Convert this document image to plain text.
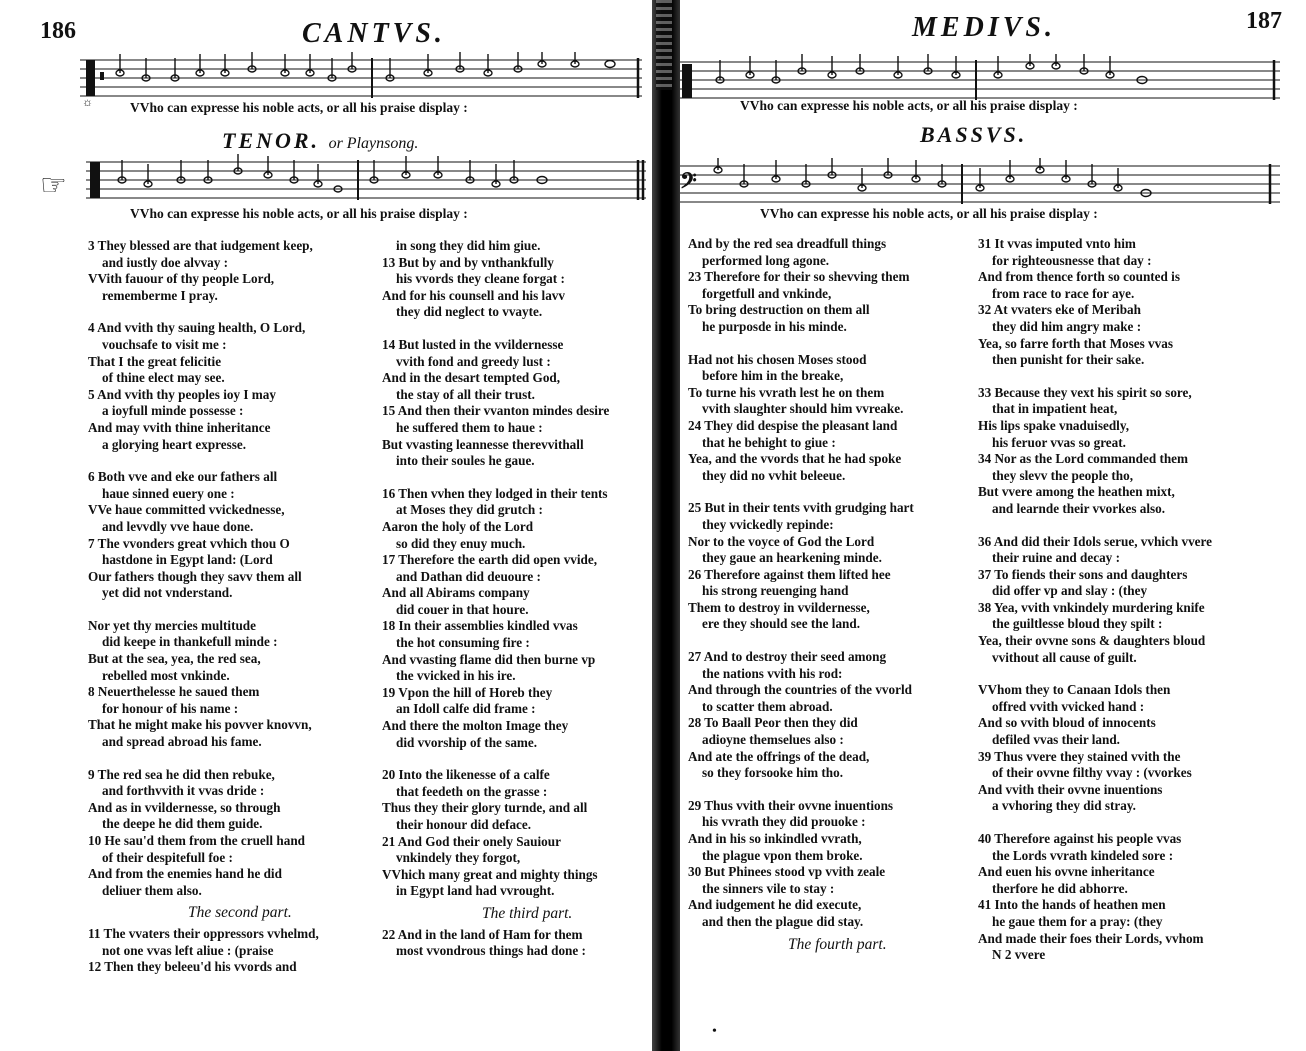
186	CANTVS.
☼	VVho can expresse his noble acts, or all his praise display :
TENOR. or Playnsong.
☞
VVho can expresse his noble acts, or all his praise display :

3 They blessed are that iudgement keep,

and iustly doe alvvay :

VVith fauour of thy people Lord,

rememberme I pray.

4 And vvith thy sauing health, O Lord,

vouchsafe to visit me :

That I the great felicitie

of thine elect may see.

5 And vvith thy peoples ioy I may

a ioyfull minde possesse :

And may vvith thine inheritance

a glorying heart expresse.

6 Both vve and eke our fathers all

haue sinned euery one :

VVe haue committed vvickednesse,

and levvdly vve haue done.

7 The vvonders great vvhich thou O

hastdone in Egypt land: (Lord

Our fathers though they savv them all

yet did not vnderstand.

Nor yet thy mercies multitude

did keepe in thankefull minde :

But at the sea, yea, the red sea,

rebelled most vnkinde.

8 Neuerthelesse he saued them

for honour of his name :

That he might make his povver knovvn,

and spread abroad his fame.

9 The red sea he did then rebuke,

and forthvvith it vvas dride :

And as in vvildernesse, so through

the deepe he did them guide.

10 He sau'd them from the cruell hand

of their despitefull foe :

And from the enemies hand he did

deliuer them also.

The second part.

11 The vvaters their oppressors vvhelmd,

not one vvas left aliue : (praise

12 Then they beleeu'd his vvords and

in song they did him giue.

13 But by and by vnthankfully

his vvords they cleane forgat :

And for his counsell and his lavv

they did neglect to vvayte.

14 But lusted in the vvildernesse

vvith fond and greedy lust :

And in the desart tempted God,

the stay of all their trust.

15 And then their vvanton mindes desire

he suffered them to haue :

But vvasting leannesse therevvithall

into their soules he gaue.

16 Then vvhen they lodged in their tents

at Moses they did grutch :

Aaron the holy of the Lord

so did they enuy much.

17 Therefore the earth did open vvide,

and Dathan did deuoure :

And all Abirams company

did couer in that houre.

18 In their assemblies kindled vvas

the hot consuming fire :

And vvasting flame did then burne vp

the vvicked in his ire.

19 Vpon the hill of Horeb they

an Idoll calfe did frame :

And there the molton Image they

did vvorship of the same.

20 Into the likenesse of a calfe

that feedeth on the grasse :

Thus they their glory turnde, and all

their honour did deface.

21 And God their onely Sauiour

vnkindely they forgot,

VVhich many great and mighty things

in Egypt land had vvrought.

The third part.

22 And in the land of Ham for them

most vvondrous things had done :

MEDIVS.	187
VVho can expresse his noble acts, or all his praise display :
BASSVS.
𝄢
VVho can expresse his noble acts, or all his praise display :

And by the red sea dreadfull things

performed long agone.

23 Therefore for their so shevving them

forgetfull and vnkinde,

To bring destruction on them all

he purposde in his minde.

Had not his chosen Moses stood

before him in the breake,

To turne his vvrath lest he on them

vvith slaughter should him vvreake.

24 They did despise the pleasant land

that he behight to giue :

Yea, and the vvords that he had spoke

they did no vvhit beleeue.

25 But in their tents vvith grudging hart

they vvickedly repinde:

Nor to the voyce of God the Lord

they gaue an hearkening minde.

26 Therefore against them lifted hee

his strong reuenging hand

Them to destroy in vvildernesse,

ere they should see the land.

27 And to destroy their seed among

the nations vvith his rod:

And through the countries of the vvorld

to scatter them abroad.

28 To Baall Peor then they did

adioyne themselues also :

And ate the offrings of the dead,

so they forsooke him tho.

29 Thus vvith their ovvne inuentions

his vvrath they did prouoke :

And in his so inkindled vvrath,

the plague vpon them broke.

30 But Phinees stood vp vvith zeale

the sinners vile to stay :

And iudgement he did execute,

and then the plague did stay.

The fourth part.

31 It vvas imputed vnto him

for righteousnesse that day :

And from thence forth so counted is

from race to race for aye.

32 At vvaters eke of Meribah

they did him angry make :

Yea, so farre forth that Moses vvas

then punisht for their sake.

33 Because they vext his spirit so sore,

that in impatient heat,

His lips spake vnaduisedly,

his feruor vvas so great.

34 Nor as the Lord commanded them

they slevv the people tho,

But vvere among the heathen mixt,

and learnde their vvorkes also.

36 And did their Idols serue, vvhich vvere

their ruine and decay :

37 To fiends their sons and daughters

did offer vp and slay : (they

38 Yea, vvith vnkindely murdering knife

the guiltlesse bloud they spilt :

Yea, their ovvne sons & daughters bloud

vvithout all cause of guilt.

VVhom they to Canaan Idols then

offred vvith vvicked hand :

And so vvith bloud of innocents

defiled vvas their land.

39 Thus vvere they stained vvith the

of their ovvne filthy vvay : (vvorkes

And vvith their ovvne inuentions

a vvhoring they did stray.

40 Therefore against his people vvas

the Lords vvrath kindeled sore :

And euen his ovvne inheritance

therfore he did abhorre.

41 Into the hands of heathen men

he gaue them for a pray: (they

And made their foes their Lords, vvhom

N 2 vvere

•
